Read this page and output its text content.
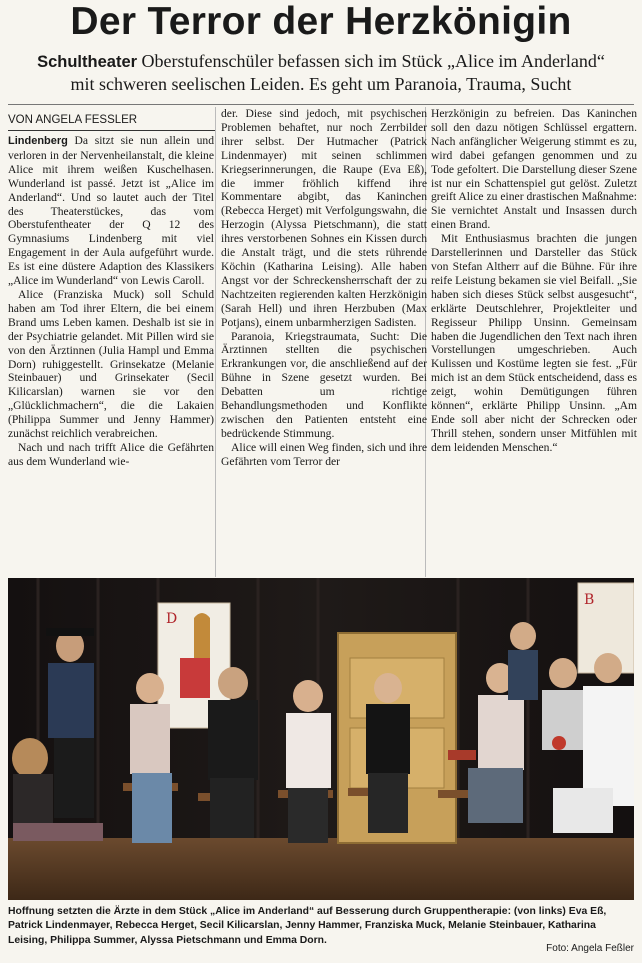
Der Terror der Herzkönigin
Schultheater Oberstufenschüler befassen sich im Stück „Alice im Anderland“
mit schweren seelischen Leiden. Es geht um Paranoia, Trauma, Sucht
VON ANGELA FESSLER

Lindenberg Da sitzt sie nun allein und verloren in der Nervenheilanstalt, die kleine Alice mit ihrem weißen Kuschelhasen. Wunderland ist passé. Jetzt ist „Alice im Anderland“. Und so lautet auch der Titel des Theaterstückes, das vom Oberstufentheater der Q 12 des Gymnasiums Lindenberg mit viel Engagement in der Aula aufgeführt wurde. Es ist eine düstere Adaption des Klassikers „Alice im Wunderland“ von Lewis Caroll.

Alice (Franziska Muck) soll Schuld haben am Tod ihrer Eltern, die bei einem Brand ums Leben kamen. Deshalb ist sie in der Psychiatrie gelandet. Mit Pillen wird sie von den Ärztinnen (Julia Hampl und Emma Dorn) ruhiggestellt. Grinsekatze (Melanie Steinbauer) und Grinsekater (Secil Kilicarslan) warnen sie vor den „Glücklichmachern“, die die Lakaien (Philippa Summer und Jenny Hammer) zunächst reichlich verabreichen.

Nach und nach trifft Alice die Gefährten aus dem Wunderland wie-

der. Diese sind jedoch, mit psychischen Problemen behaftet, nur noch Zerrbilder ihrer selbst. Der Hutmacher (Patrick Lindenmayer) mit seinen schlimmen Kriegserinnerungen, die Raupe (Eva Eß), die immer fröhlich kiffend ihre Kommentare abgibt, das Kaninchen (Rebecca Herget) mit Verfolgungswahn, die Herzogin (Alyssa Pietschmann), die statt ihres verstorbenen Sohnes ein Kissen durch die Anstalt trägt, und die stets rührende Köchin (Katharina Leising). Alle haben Angst vor der Schreckensherrschaft der zu Nachtzeiten regierenden kalten Herzkönigin (Sarah Hell) und ihren Herzbuben (Max Potjans), einem unbarmherzigen Sadisten.

Paranoia, Kriegstraumata, Sucht: Die Ärztinnen stellten die psychischen Erkrankungen vor, die anschließend auf der Bühne in Szene gesetzt wurden. Bei Debatten um richtige Behandlungsmethoden und Konflikte zwischen den Patienten entsteht eine bedrückende Stimmung.

Alice will einen Weg finden, sich und ihre Gefährten vom Terror der

Herzkönigin zu befreien. Das Kaninchen soll den dazu nötigen Schlüssel ergattern. Nach anfänglicher Weigerung stimmt es zu, wird dabei gefangen genommen und zu Tode gefoltert. Die Darstellung dieser Szene ist nur ein Schattenspiel gut gelöst. Zuletzt greift Alice zu einer drastischen Maßnahme: Sie vernichtet Anstalt und Insassen durch einen Brand.

Mit Enthusiasmus brachten die jungen Darstellerinnen und Darsteller das Stück von Stefan Altherr auf die Bühne. Für ihre reife Leistung bekamen sie viel Beifall. „Sie haben sich dieses Stück selbst ausgesucht“, erklärte Deutschlehrer, Projektleiter und Regisseur Philipp Unsinn. Gemeinsam haben die Jugendlichen den Text nach ihren Vorstellungen umgeschrieben. Auch Kulissen und Kostüme legten sie fest. „Für mich ist an dem Stück entscheidend, dass es zeigt, wohin Demütigungen führen können“, erklärte Philipp Unsinn. „Am Ende soll aber nicht der Schrecken oder Thrill stehen, sondern unser Mitfühlen mit dem leidenden Menschen.“

D
B
Hoffnung setzten die Ärzte in dem Stück „Alice im Anderland“ auf Besserung durch Gruppentherapie: (von links) Eva Eß, Patrick Lindenmayer, Rebecca Herget, Secil Kilicarslan, Jenny Hammer, Franziska Muck, Melanie Steinbauer, Katharina Leising, Philippa Summer, Alyssa Pietschmann und Emma Dorn.
Foto: Angela Feßler
